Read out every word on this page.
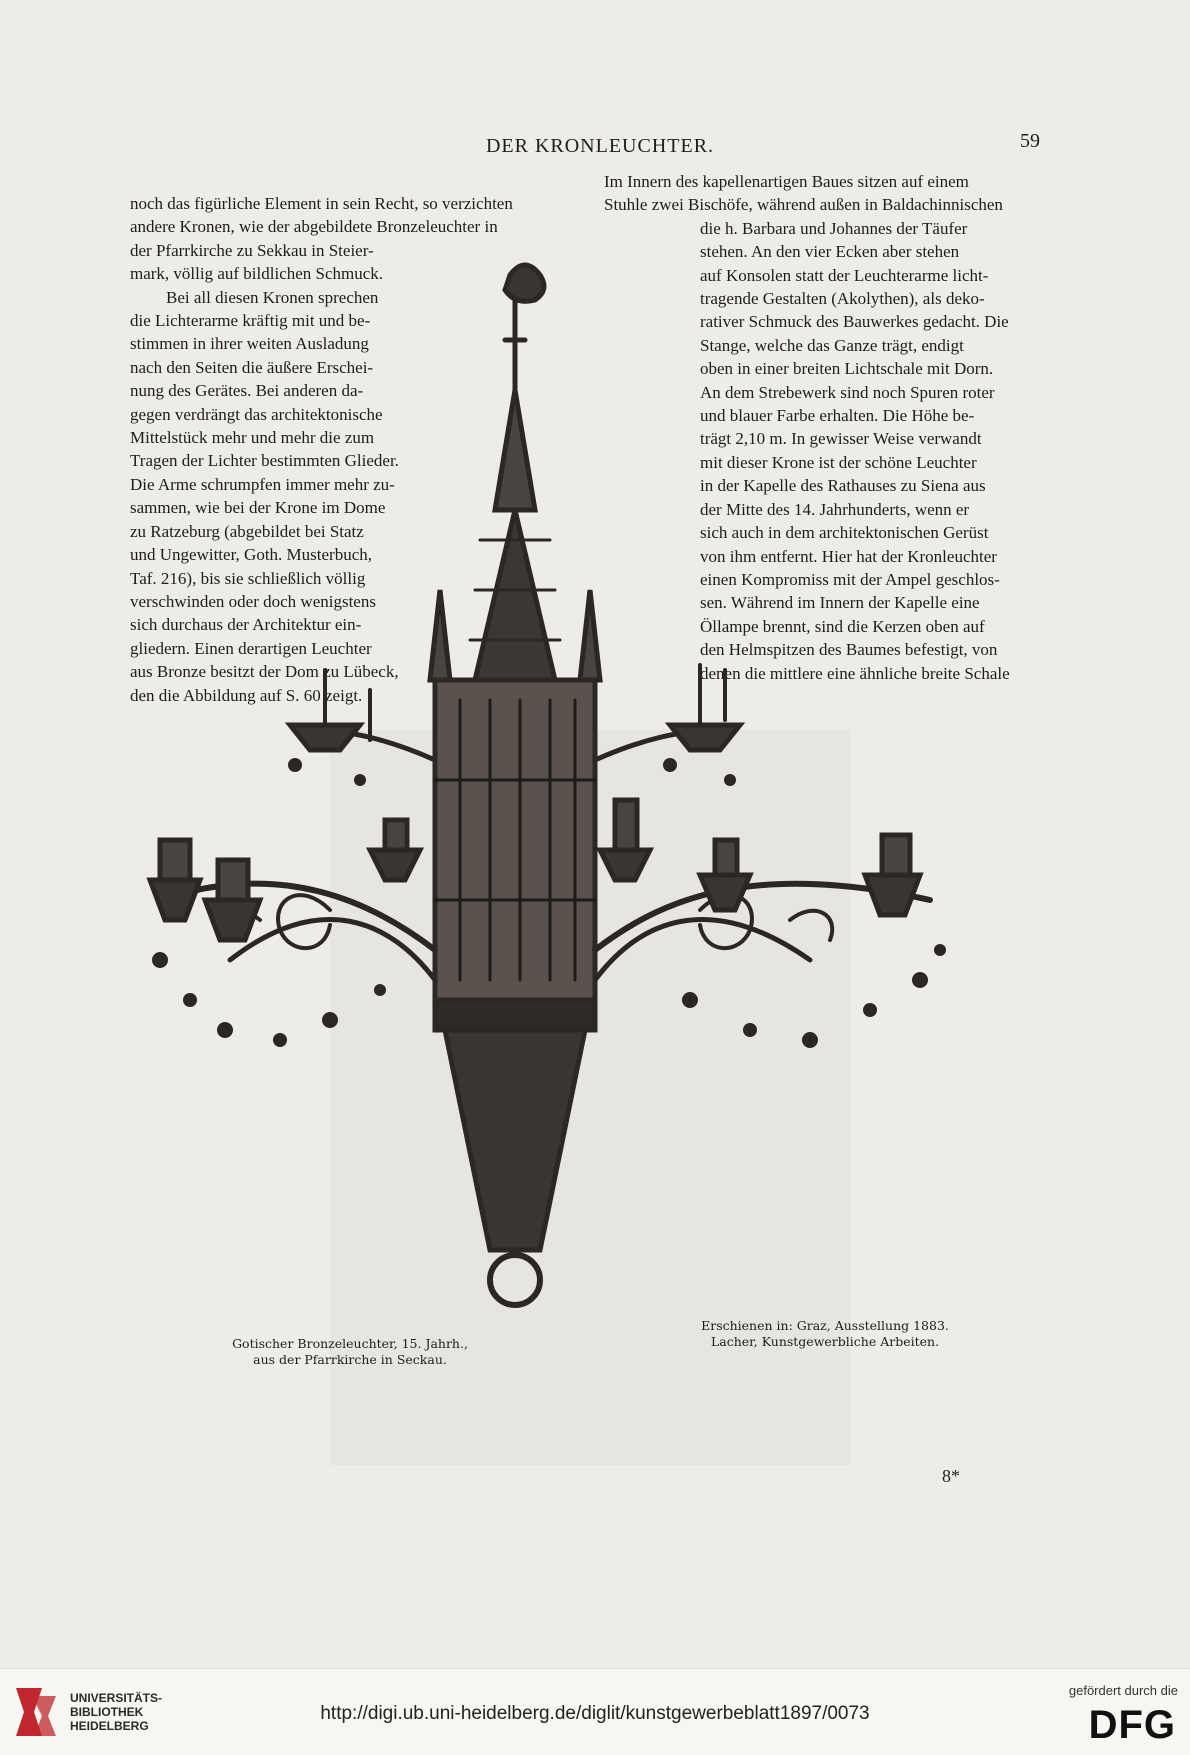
DER KRONLEUCHTER.	59
noch das figürliche Element in sein Recht, so verzichten
andere Kronen, wie der abgebildete Bronzeleuchter in
der Pfarrkirche zu Sekkau in Steier-
mark, völlig auf bildlichen Schmuck.
Bei all diesen Kronen sprechen
die Lichterarme kräftig mit und be-
stimmen in ihrer weiten Ausladung
nach den Seiten die äußere Erschei-
nung des Gerätes. Bei anderen da-
gegen verdrängt das architektonische
Mittelstück mehr und mehr die zum
Tragen der Lichter bestimmten Glieder.
Die Arme schrumpfen immer mehr zu-
sammen, wie bei der Krone im Dome
zu Ratzeburg (abgebildet bei Statz
und Ungewitter, Goth. Musterbuch,
Taf. 216), bis sie schließlich völlig
verschwinden oder doch wenigstens
sich durchaus der Architektur ein-
gliedern. Einen derartigen Leuchter
aus Bronze besitzt der Dom zu Lübeck,
den die Abbildung auf S. 60 zeigt.
Im Innern des kapellenartigen Baues sitzen auf einem
Stuhle zwei Bischöfe, während außen in Baldachinnischen
die h. Barbara und Johannes der Täufer
stehen. An den vier Ecken aber stehen
auf Konsolen statt der Leuchterarme licht-
tragende Gestalten (Akolythen), als deko-
rativer Schmuck des Bauwerkes gedacht. Die
Stange, welche das Ganze trägt, endigt
oben in einer breiten Lichtschale mit Dorn.
An dem Strebewerk sind noch Spuren roter
und blauer Farbe erhalten. Die Höhe be-
trägt 2,10 m. In gewisser Weise verwandt
mit dieser Krone ist der schöne Leuchter
in der Kapelle des Rathauses zu Siena aus
der Mitte des 14. Jahrhunderts, wenn er
sich auch in dem architektonischen Gerüst
von ihm entfernt. Hier hat der Kronleuchter
einen Kompromiss mit der Ampel geschlos-
sen. Während im Innern der Kapelle eine
Öllampe brennt, sind die Kerzen oben auf
den Helmspitzen des Baumes befestigt, von
denen die mittlere eine ähnliche breite Schale
Gotischer Bronzeleuchter, 15. Jahrh.,
aus der Pfarrkirche in Seckau.
Erschienen in: Graz, Ausstellung 1883.
Lacher, Kunstgewerbliche Arbeiten.
8*
UNIVERSITÄTS-
BIBLIOTHEK
HEIDELBERG
http://digi.ub.uni-heidelberg.de/diglit/kunstgewerbeblatt1897/0073
gefördert durch die
DFG
